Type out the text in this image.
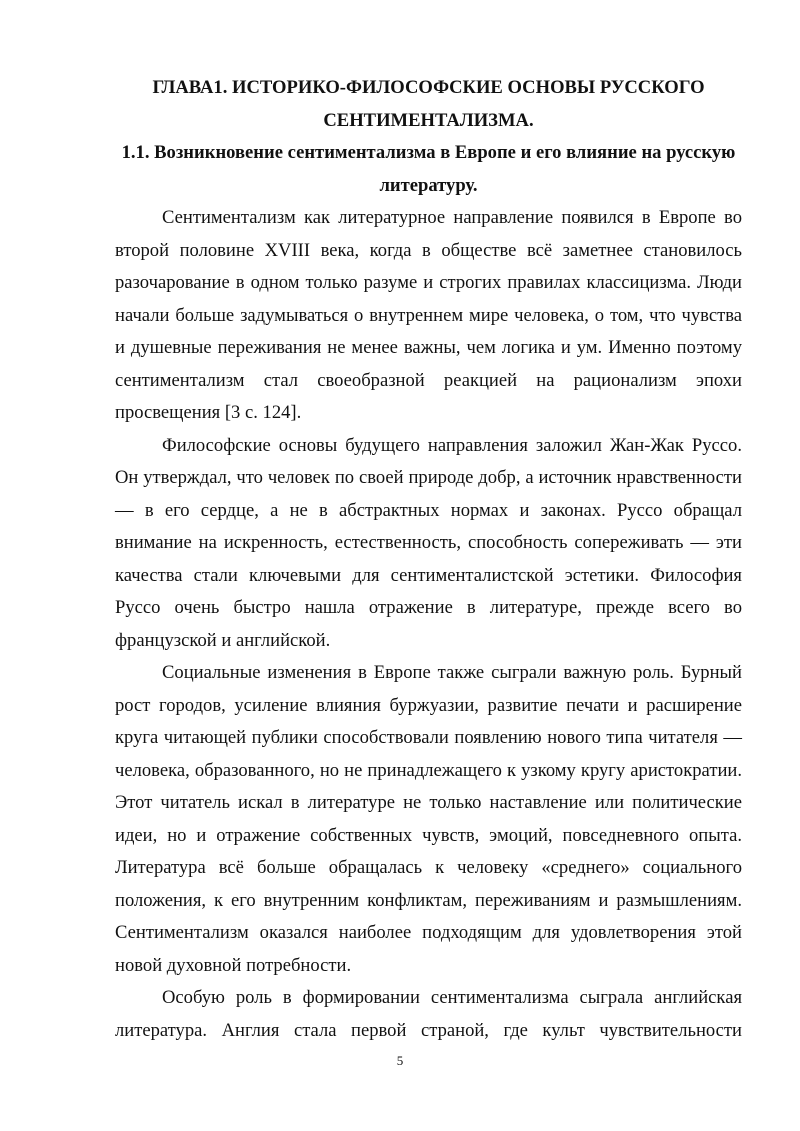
ГЛАВА1. ИСТОРИКО-ФИЛОСОФСКИЕ ОСНОВЫ РУССКОГО
СЕНТИМЕНТАЛИЗМА.

1.1. Возникновение сентиментализма в Европе и его влияние на русскую
литературу.

Сентиментализм как литературное направление появился в Европе во второй половине XVIII века, когда в обществе всё заметнее становилось разочарование в одном только разуме и строгих правилах классицизма. Люди начали больше задумываться о внутреннем мире человека, о том, что чувства и душевные переживания не менее важны, чем логика и ум. Именно поэтому сентиментализм стал своеобразной реакцией на рационализм эпохи просвещения [3 с. 124].

Философские основы будущего направления заложил Жан-Жак Руссо. Он утверждал, что человек по своей природе добр, а источник нравственности — в его сердце, а не в абстрактных нормах и законах. Руссо обращал внимание на искренность, естественность, способность сопереживать — эти качества стали ключевыми для сентименталистской эстетики. Философия Руссо очень быстро нашла отражение в литературе, прежде всего во французской и английской.

Социальные изменения в Европе также сыграли важную роль. Бурный рост городов, усиление влияния буржуазии, развитие печати и расширение круга читающей публики способствовали появлению нового типа читателя — человека, образованного, но не принадлежащего к узкому кругу аристократии. Этот читатель искал в литературе не только наставление или политические идеи, но и отражение собственных чувств, эмоций, повседневного опыта. Литература всё больше обращалась к человеку «среднего» социального положения, к его внутренним конфликтам, переживаниям и размышлениям. Сентиментализм оказался наиболее подходящим для удовлетворения этой новой духовной потребности.

Особую роль в формировании сентиментализма сыграла английская литература. Англия стала первой страной, где культ чувствительности

5
